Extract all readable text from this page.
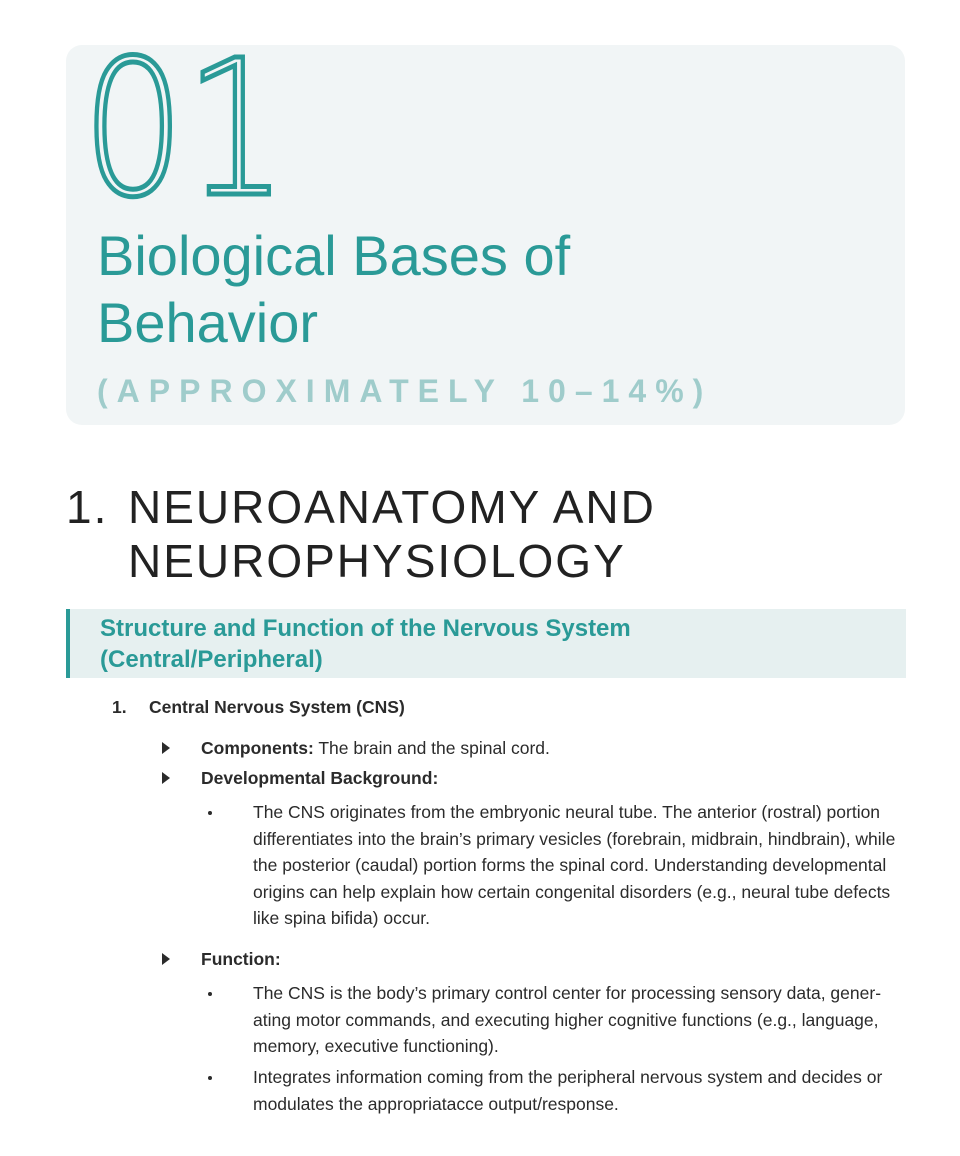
01
Biological Bases of Behavior
(APPROXIMATELY 10–14%)
1. NEUROANATOMY AND NEUROPHYSIOLOGY
Structure and Function of the Nervous System (Central/Peripheral)
1. Central Nervous System (CNS)
Components: The brain and the spinal cord.
Developmental Background:
The CNS originates from the embryonic neural tube. The anterior (rostral) portion differentiates into the brain’s primary vesicles (forebrain, midbrain, hindbrain), while the posterior (caudal) portion forms the spinal cord. Understanding developmental origins can help explain how certain congenital disorders (e.g., neural tube defects like spina bifida) occur.
Function:
The CNS is the body’s primary control center for processing sensory data, gener-ating motor commands, and executing higher cognitive functions (e.g., language, memory, executive functioning).
Integrates information coming from the peripheral nervous system and decides or modulates the appropriatacce output/response.
